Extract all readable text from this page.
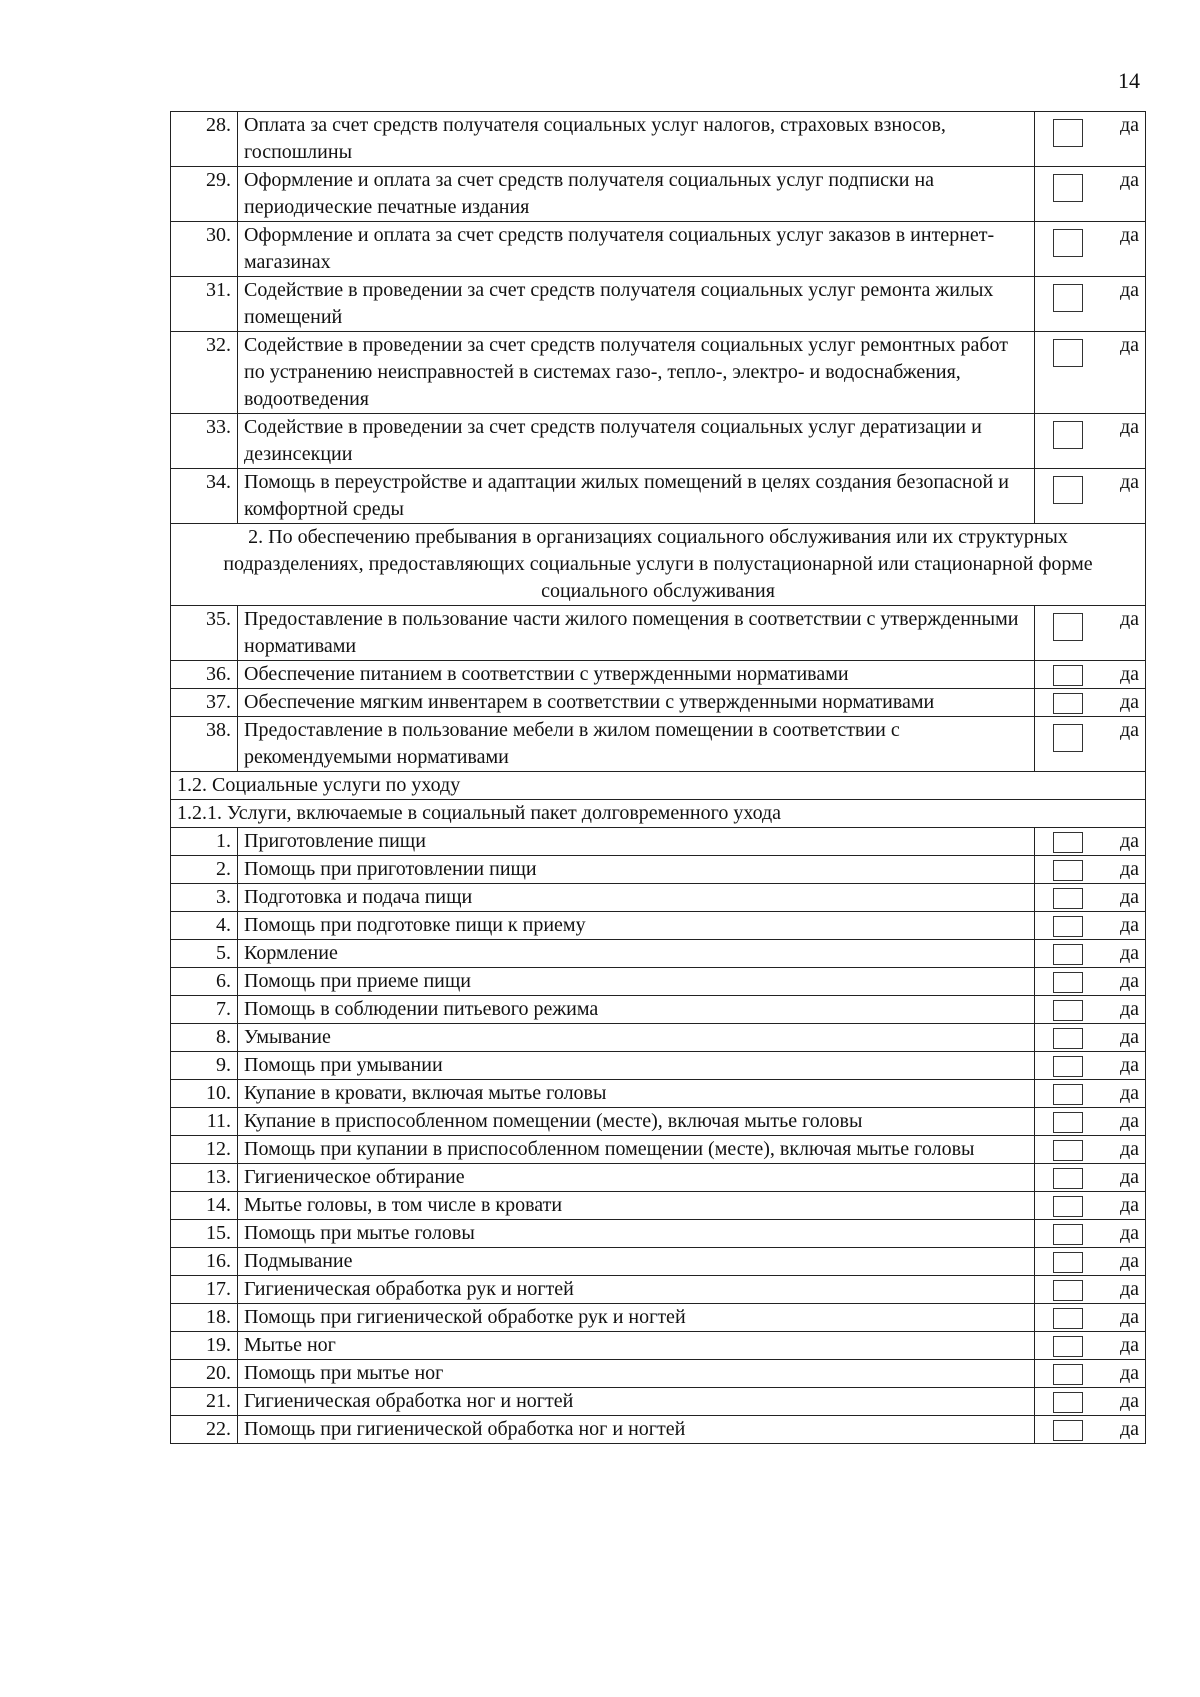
14
28.	Оплата за счет средств получателя социальных услуг налогов, страховых взносов, госпошлины	да

29.	Оформление и оплата за счет средств получателя социальных услуг подписки на периодические печатные издания	да

30.	Оформление и оплата за счет средств получателя социальных услуг заказов в интернет-магазинах	да

31.	Содействие в проведении за счет средств получателя социальных услуг ремонта жилых помещений	да

32.	Содействие в проведении за счет средств получателя социальных услуг ремонтных работ по устранению неисправностей в системах газо-, тепло-, электро- и водоснабжения, водоотведения	да

33.	Содействие в проведении за счет средств получателя социальных услуг дератизации и дезинсекции	да

34.	Помощь в переустройстве и адаптации жилых помещений в целях создания безопасной и комфортной среды	да

2. По обеспечению пребывания в организациях социального обслуживания или их структурных подразделениях, предоставляющих социальные услуги в полустационарной или стационарной форме социального обслуживания		
35.	Предоставление в пользование части жилого помещения в соответствии с утвержденными нормативами	да

36.	Обеспечение питанием в соответствии с утвержденными нормативами	да

37.	Обеспечение мягким инвентарем в соответствии с утвержденными нормативами	да

38.	Предоставление в пользование мебели в жилом помещении в соответствии с рекомендуемыми нормативами	да

1.2. Социальные услуги по уходу		
1.2.1. Услуги, включаемые в социальный пакет долговременного ухода		
1.	Приготовление пищи	да

2.	Помощь при приготовлении пищи	да

3.	Подготовка и подача пищи	да

4.	Помощь при подготовке пищи к приему	да

5.	Кормление	да

6.	Помощь при приеме пищи	да

7.	Помощь в соблюдении питьевого режима	да

8.	Умывание	да

9.	Помощь при умывании	да

10.	Купание в кровати, включая мытье головы	да

11.	Купание в приспособленном помещении (месте), включая мытье головы	да

12.	Помощь при купании в приспособленном помещении (месте), включая мытье головы	да

13.	Гигиеническое обтирание	да

14.	Мытье головы, в том числе в кровати	да

15.	Помощь при мытье головы	да

16.	Подмывание	да

17.	Гигиеническая обработка рук и ногтей	да

18.	Помощь при гигиенической обработке рук и ногтей	да

19.	Мытье ног	да

20.	Помощь при мытье ног	да

21.	Гигиеническая обработка ног и ногтей	да

22.	Помощь при гигиенической обработка ног и ногтей	да
